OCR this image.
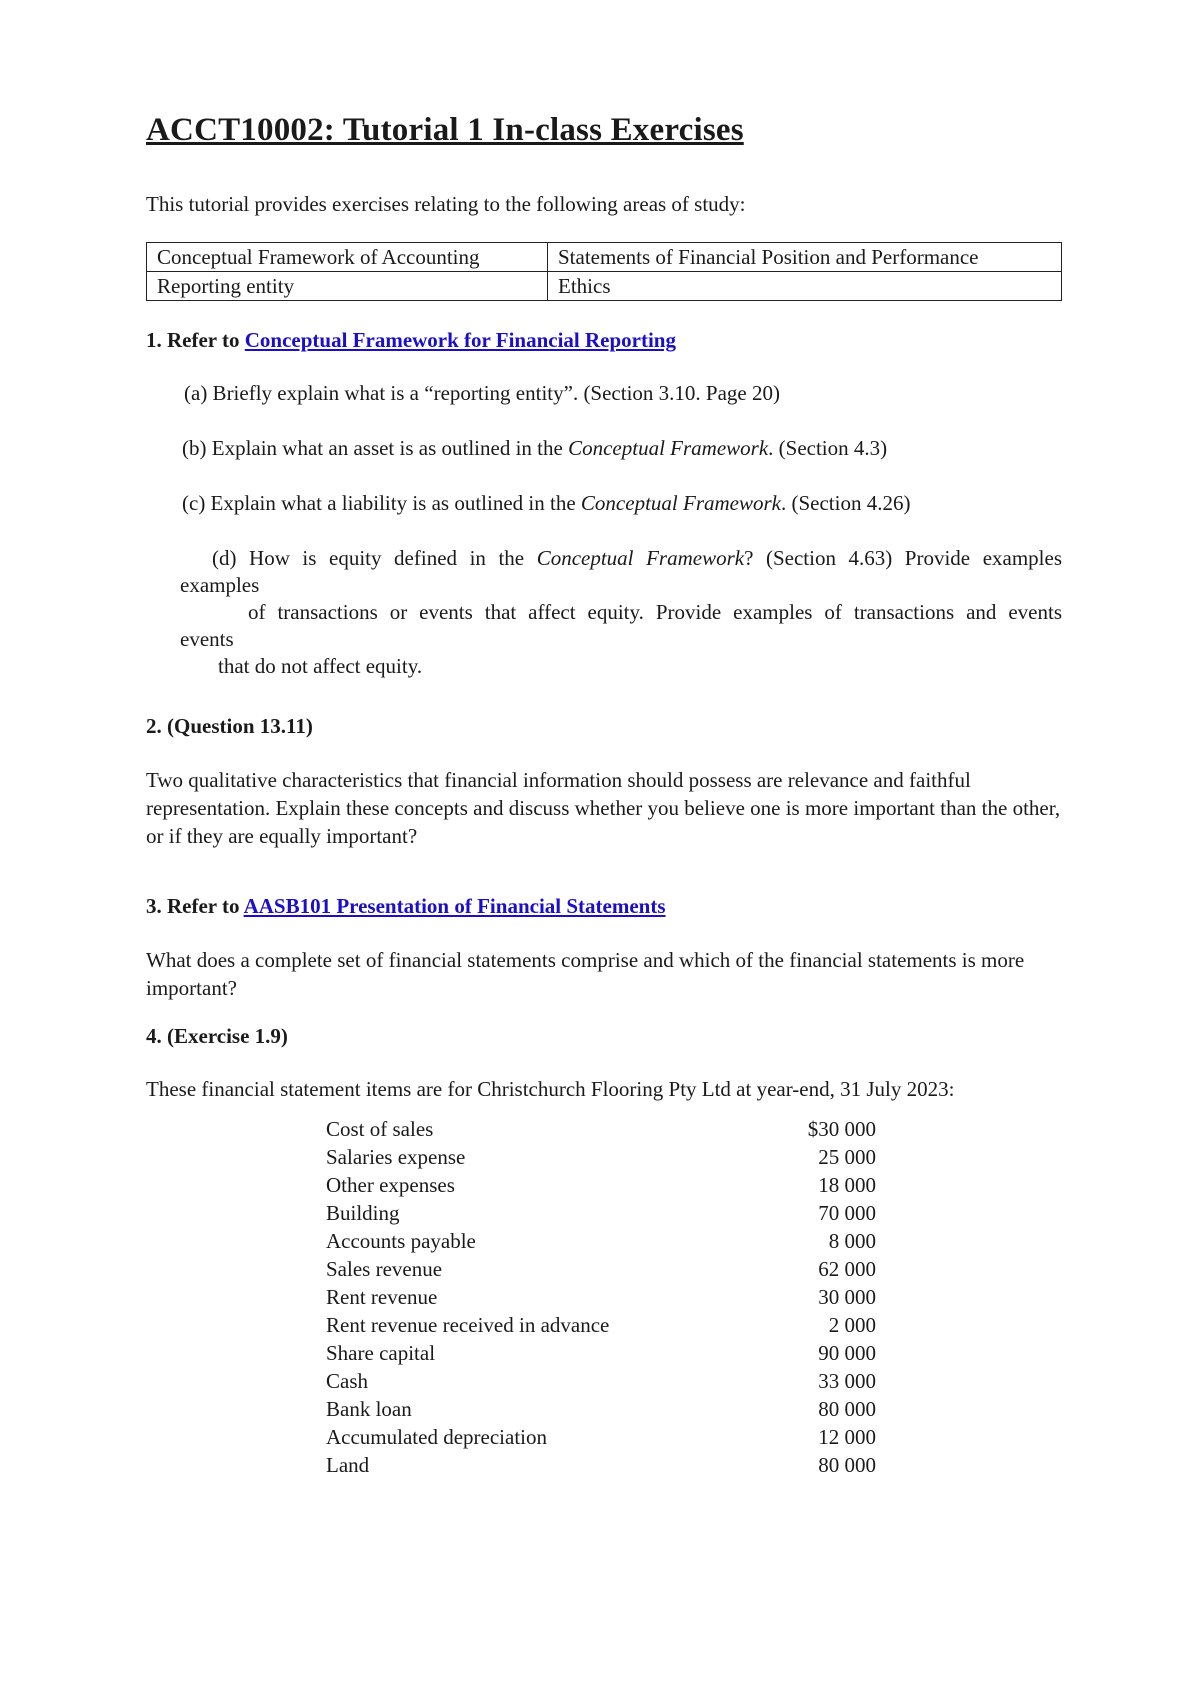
ACCT10002: Tutorial 1 In-class Exercises

This tutorial provides exercises relating to the following areas of study:

Conceptual Framework of Accounting	Statements of Financial Position and Performance
Reporting entity	Ethics

1. Refer to Conceptual Framework for Financial Reporting

(a) Briefly explain what is a “reporting entity”. (Section 3.10. Page 20)

(b) Explain what an asset is as outlined in the Conceptual Framework. (Section 4.3)

(c) Explain what a liability is as outlined in the Conceptual Framework. (Section 4.26)

(d) How is equity defined in the Conceptual Framework? (Section 4.63) Provide examples
examples
of transactions or events that affect equity. Provide examples of transactions and events
events
that do not affect equity.

2. (Question 13.11)

Two qualitative characteristics that financial information should possess are relevance and faithful representation. Explain these concepts and discuss whether you believe one is more important than the other, or if they are equally important?

3. Refer to AASB101 Presentation of Financial Statements

What does a complete set of financial statements comprise and which of the financial statements is more important?

4. (Exercise 1.9)

These financial statement items are for Christchurch Flooring Pty Ltd at year-end, 31 July 2023:

Cost of sales	$30 000
Salaries expense	25 000
Other expenses	18 000
Building	70 000
Accounts payable	8 000
Sales revenue	62 000
Rent revenue	30 000
Rent revenue received in advance	2 000
Share capital	90 000
Cash	33 000
Bank loan	80 000
Accumulated depreciation	12 000
Land	80 000
